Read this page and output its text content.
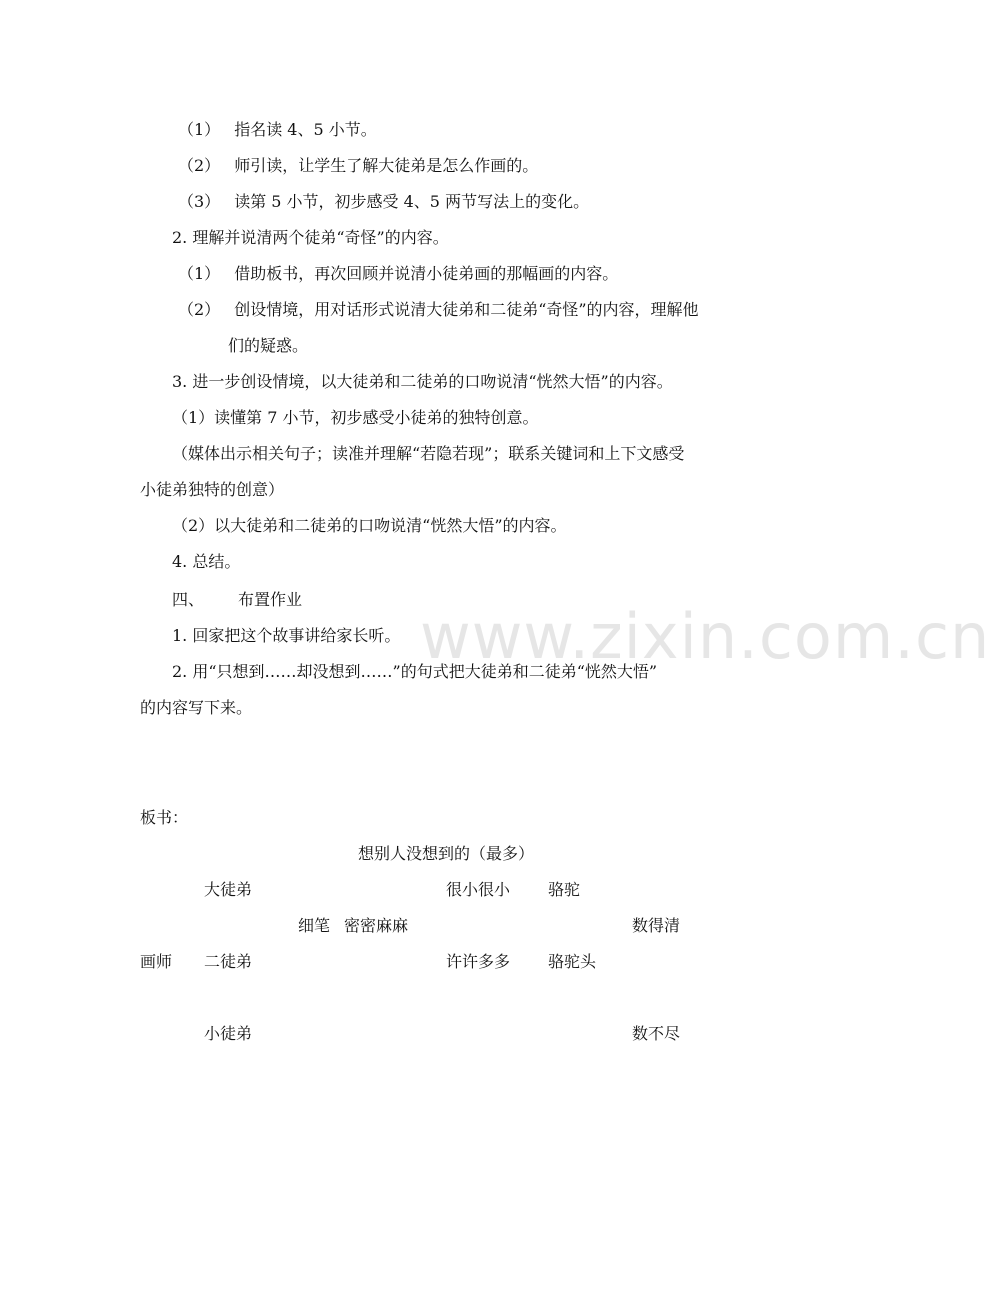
www.zixin.com.cn
（1） 指名读 4、5 小节。
（2） 师引读，让学生了解大徒弟是怎么作画的。
（3） 读第 5 小节，初步感受 4、5 两节写法上的变化。
2. 理解并说清两个徒弟“奇怪”的内容。
（1） 借助板书，再次回顾并说清小徒弟画的那幅画的内容。
（2） 创设情境，用对话形式说清大徒弟和二徒弟“奇怪”的内容，理解他
们的疑惑。
3. 进一步创设情境，以大徒弟和二徒弟的口吻说清“恍然大悟”的内容。
（1）读懂第 7 小节，初步感受小徒弟的独特创意。
（媒体出示相关句子；读准并理解“若隐若现”；联系关键词和上下文感受
小徒弟独特的创意）
（2）以大徒弟和二徒弟的口吻说清“恍然大悟”的内容。
4. 总结。
四、 布置作业
1. 回家把这个故事讲给家长听。
2. 用“只想到……却没想到……”的句式把大徒弟和二徒弟“恍然大悟”
的内容写下来。
板书：
想别人没想到的（最多）
大徒弟	很小很小 骆驼
细笔 密密麻麻	数得清
画师 二徒弟	许许多多 骆驼头
小徒弟	数不尽
